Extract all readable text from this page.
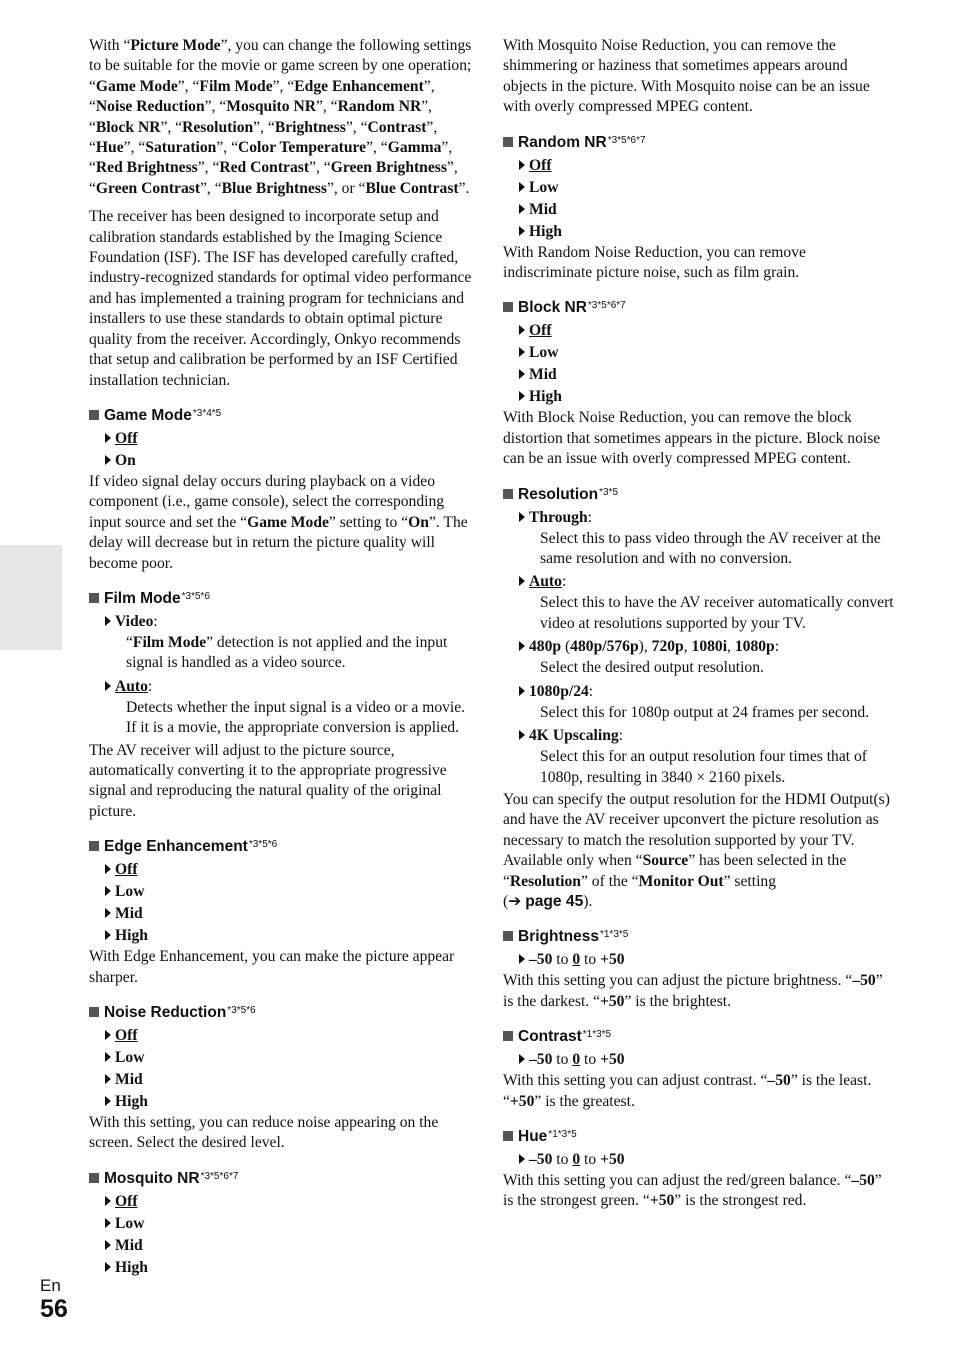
With “Picture Mode”, you can change the following settings to be suitable for the movie or game screen by one operation; “Game Mode”, “Film Mode”, “Edge Enhancement”, “Noise Reduction”, “Mosquito NR”, “Random NR”, “Block NR”, “Resolution”, “Brightness”, “Contrast”, “Hue”, “Saturation”, “Color Temperature”, “Gamma”, “Red Brightness”, “Red Contrast”, “Green Brightness”, “Green Contrast”, “Blue Brightness”, or “Blue Contrast”.

The receiver has been designed to incorporate setup and calibration standards established by the Imaging Science Foundation (ISF). The ISF has developed carefully crafted, industry-recognized standards for optimal video performance and has implemented a training program for technicians and installers to use these standards to obtain optimal picture quality from the receiver. Accordingly, Onkyo recommends that setup and calibration be performed by an ISF Certified installation technician.

Game Mode$^{*3*4*5}$
Off
On

If video signal delay occurs during playback on a video component (i.e., game console), select the corresponding input source and set the “Game Mode” setting to “On”. The delay will decrease but in return the picture quality will become poor.

Film Mode$^{*3*5*6}$
Video:

“Film Mode” detection is not applied and the input signal is handled as a video source.

Auto:

Detects whether the input signal is a video or a movie. If it is a movie, the appropriate conversion is applied.

The AV receiver will adjust to the picture source, automatically converting it to the appropriate progressive signal and reproducing the natural quality of the original picture.

Edge Enhancement$^{*3*5*6}$
Off
Low
Mid
High

With Edge Enhancement, you can make the picture appear sharper.

Noise Reduction$^{*3*5*6}$
Off
Low
Mid
High

With this setting, you can reduce noise appearing on the screen. Select the desired level.

Mosquito $NR^{*3*5*6*7}$
Off
Low
Mid
High

With Mosquito Noise Reduction, you can remove the shimmering or haziness that sometimes appears around objects in the picture. With Mosquito noise can be an issue with overly compressed MPEG content.

Random $NR^{*3*5*6*7}$
Off
Low
Mid
High

With Random Noise Reduction, you can remove indiscriminate picture noise, such as film grain.

Block $NR^{*3*5*6*7}$
Off
Low
Mid
High

With Block Noise Reduction, you can remove the block distortion that sometimes appears in the picture. Block noise can be an issue with overly compressed MPEG content.

Resolution$^{*3*5}$
Through:

Select this to pass video through the AV receiver at the same resolution and with no conversion.

Auto:

Select this to have the AV receiver automatically convert video at resolutions supported by your TV.

480p (480p/576p), 720p, 1080i, 1080p:

Select the desired output resolution.

1080p/24:

Select this for 1080p output at 24 frames per second.

4K Upscaling:

Select this for an output resolution four times that of 1080p, resulting in 3840 × 2160 pixels.

You can specify the output resolution for the HDMI Output(s) and have the AV receiver upconvert the picture resolution as necessary to match the resolution supported by your TV.

Available only when “Source” has been selected in the “Resolution” of the “Monitor Out” setting
(➔ page 45).

Brightness$^{*1*3*5}$
–50 to 0 to +50

With this setting you can adjust the picture brightness. “–50” is the darkest. “+50” is the brightest.

Contrast$^{*1*3*5}$
–50 to 0 to +50

With this setting you can adjust contrast. “–50” is the least. “+50” is the greatest.

Hue$^{*1*3*5}$
–50 to 0 to +50

With this setting you can adjust the red/green balance. “–50” is the strongest green. “+50” is the strongest red.

En
56
